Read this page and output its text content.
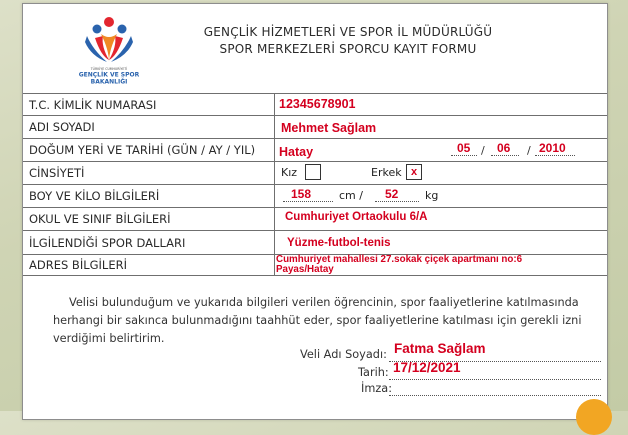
TÜRKİYE CUMHURİYETİ
GENÇLİK VE SPOR
BAKANLIĞI
GENÇLİK HİZMETLERİ VE SPOR İL MÜDÜRLÜĞÜ
SPOR MERKEZLERİ SPORCU KAYIT FORMU
T.C. KİMLİK NUMARASI	12345678901
ADI SOYADI	Mehmet Sağlam
DOĞUM YERİ VE TARİHİ (GÜN / AY / YIL) Hatay	05 / 06 / 2010
CİNSİYETİ	Kız	Erkek x
BOY VE KİLO BİLGİLERİ	158	cm / 52 kg
OKUL VE SINIF BİLGİLERİ	Cumhuriyet Ortaokulu 6/A
İLGİLENDİĞİ SPOR DALLARI	Yüzme-futbol-tenis
ADRES BİLGİLERİ	Cumhuriyet mahallesi 27.sokak çiçek apartmanı no:6
Payas/Hatay
Velisi bulunduğum ve yukarıda bilgileri verilen öğrencinin, spor faaliyetlerine katılmasında herhangi bir sakınca bulunmadığını taahhüt eder, spor faaliyetlerine katılması için gerekli izni verdiğimi belirtirim.
Veli Adı Soyadı: Fatma Sağlam
Tarih: 17/12/2021
İmza:
